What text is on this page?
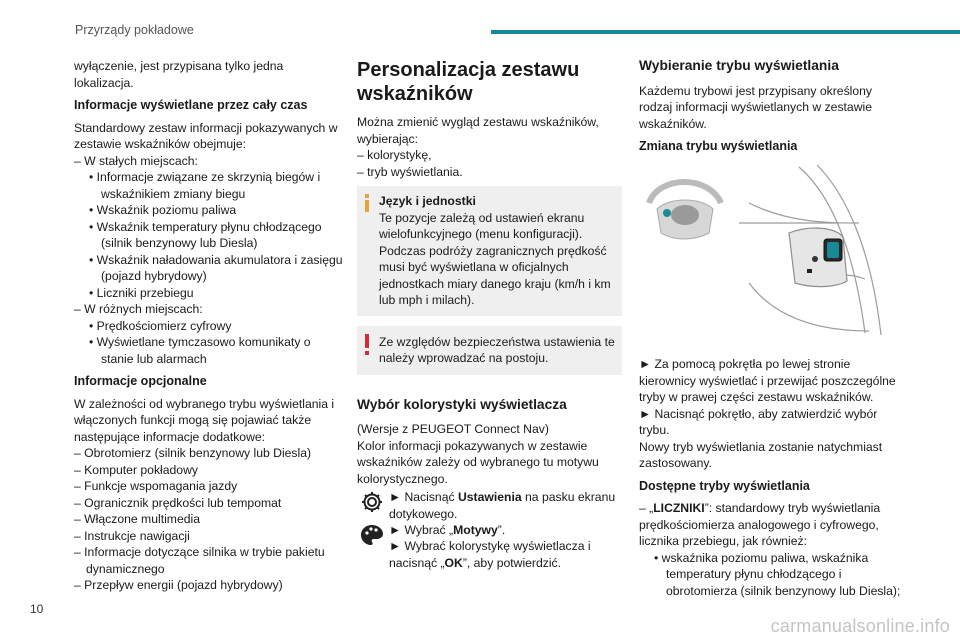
Przyrządy pokładowe

wyłączenie, jest przypisana tylko jedna lokalizacja.

Informacje wyświetlane przez cały czas

Standardowy zestaw informacji pokazywanych w zestawie wskaźników obejmuje:

– W stałych miejscach:
• Informacje związane ze skrzynią biegów i wskaźnikiem zmiany biegu
• Wskaźnik poziomu paliwa
• Wskaźnik temperatury płynu chłodzącego (silnik benzynowy lub Diesla)
• Wskaźnik naładowania akumulatora i zasięgu (pojazd hybrydowy)
• Liczniki przebiegu
– W różnych miejscach:
• Prędkościomierz cyfrowy
• Wyświetlane tymczasowo komunikaty o stanie lub alarmach
Informacje opcjonalne

W zależności od wybranego trybu wyświetlania i włączonych funkcji mogą się pojawiać także następujące informacje dodatkowe:

– Obrotomierz (silnik benzynowy lub Diesla)
– Komputer pokładowy
– Funkcje wspomagania jazdy
– Ogranicznik prędkości lub tempomat
– Włączone multimedia
– Instrukcje nawigacji
– Informacje dotyczące silnika w trybie pakietu dynamicznego
– Przepływ energii (pojazd hybrydowy)
Personalizacja zestawu wskaźników

Można zmienić wygląd zestawu wskaźników, wybierając:

– kolorystykę,
– tryb wyświetlania.
Język i jednostki
Te pozycje zależą od ustawień ekranu wielofunkcyjnego (menu konfiguracji). Podczas podróży zagranicznych prędkość musi być wyświetlana w oficjalnych jednostkach miary danego kraju (km/h i km lub mph i milach).
Ze względów bezpieczeństwa ustawienia te należy wprowadzać na postoju.
Wybór kolorystyki wyświetlacza

(Wersje z PEUGEOT Connect Nav)
Kolor informacji pokazywanych w zestawie wskaźników zależy od wybranego tu motywu kolorystycznego.

► Nacisnąć Ustawienia na pasku ekranu dotykowego.
► Wybrać „Motywy”.
► Wybrać kolorystykę wyświetlacza i nacisnąć „OK”, aby potwierdzić.
Wybieranie trybu wyświetlania

Każdemu trybowi jest przypisany określony rodzaj informacji wyświetlanych w zestawie wskaźników.

Zmiana trybu wyświetlania

► Za pomocą pokrętła po lewej stronie kierownicy wyświetlać i przewijać poszczególne tryby w prawej części zestawu wskaźników.
► Nacisnąć pokrętło, aby zatwierdzić wybór trybu.
Nowy tryb wyświetlania zostanie natychmiast zastosowany.

Dostępne tryby wyświetlania
– „LICZNIKI”: standardowy tryb wyświetlania prędkościomierza analogowego i cyfrowego, licznika przebiegu, jak również:
• wskaźnika poziomu paliwa, wskaźnika temperatury płynu chłodzącego i obrotomierza (silnik benzynowy lub Diesla);
10
carmanualsonline.info
